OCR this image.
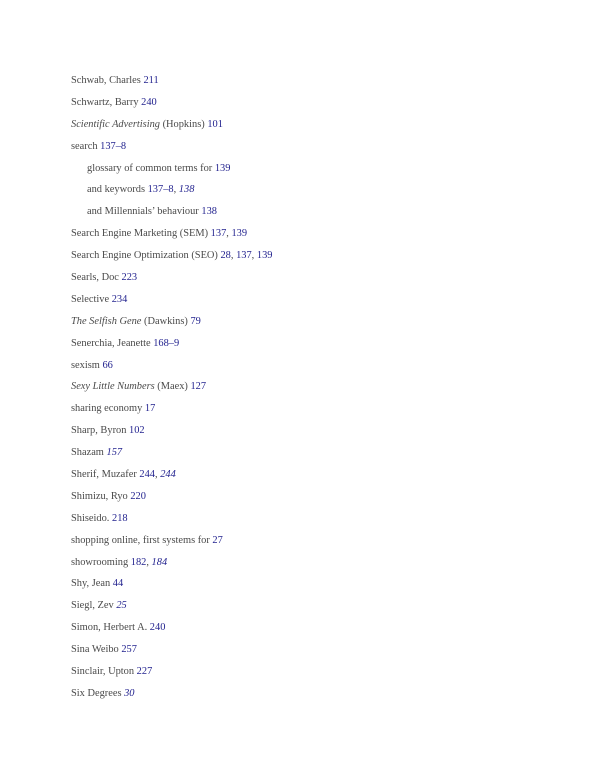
Schwab, Charles 211
Schwartz, Barry 240
Scientific Advertising (Hopkins) 101
search 137–8
glossary of common terms for 139
and keywords 137–8, 138
and Millennials’ behaviour 138
Search Engine Marketing (SEM) 137, 139
Search Engine Optimization (SEO) 28, 137, 139
Searls, Doc 223
Selective 234
The Selfish Gene (Dawkins) 79
Senerchia, Jeanette 168–9
sexism 66
Sexy Little Numbers (Maex) 127
sharing economy 17
Sharp, Byron 102
Shazam 157
Sherif, Muzafer 244, 244
Shimizu, Ryo 220
Shiseido. 218
shopping online, first systems for 27
showrooming 182, 184
Shy, Jean 44
Siegl, Zev 25
Simon, Herbert A. 240
Sina Weibo 257
Sinclair, Upton 227
Six Degrees 30
